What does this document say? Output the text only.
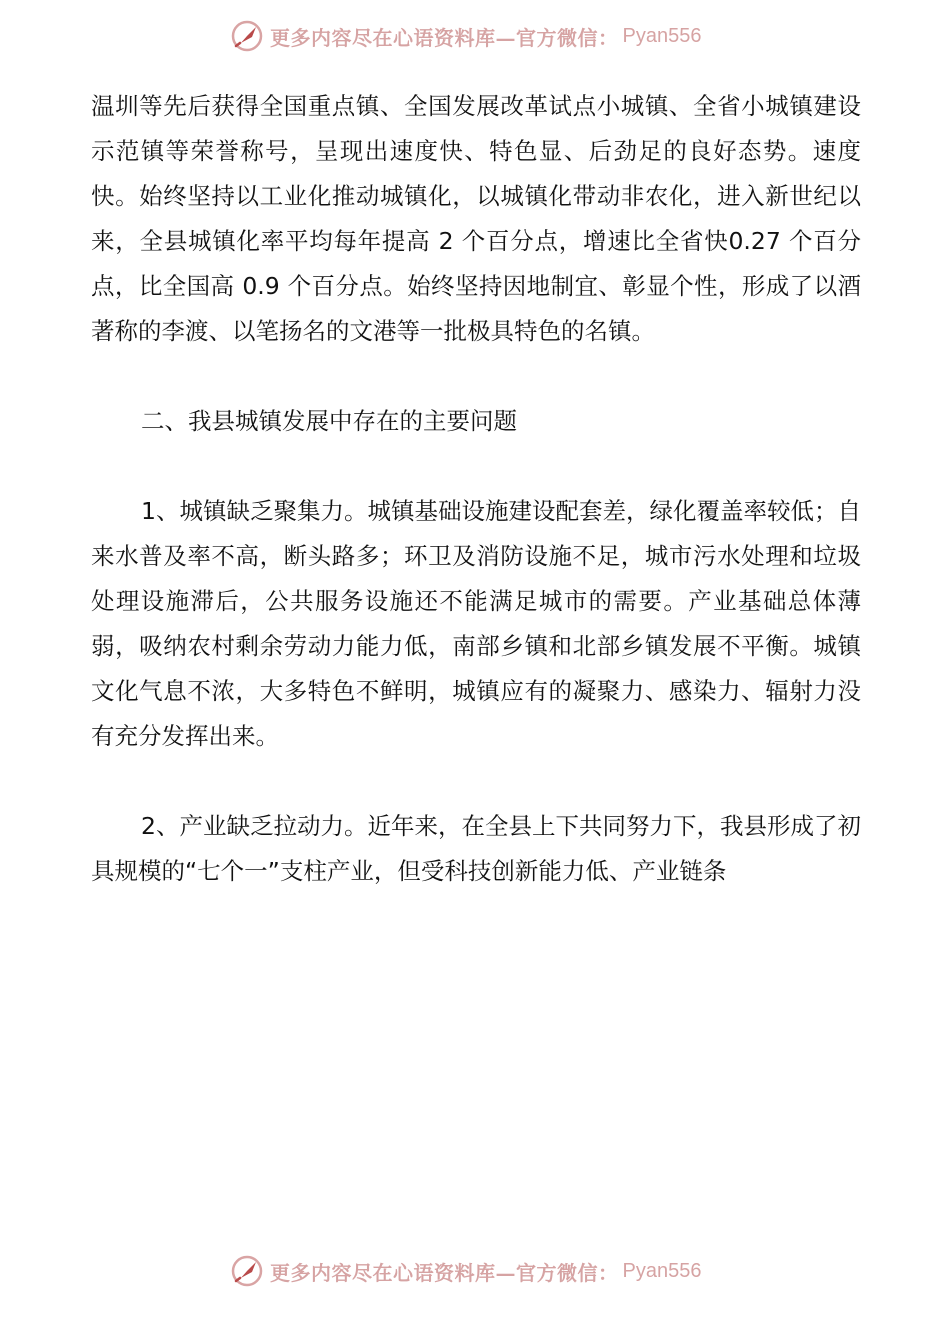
更多内容尽在心语资料库—官方微信： Pyan556

温圳等先后获得全国重点镇、全国发展改革试点小城镇、全省小城镇建设示范镇等荣誉称号，呈现出速度快、特色显、后劲足的良好态势。速度快。始终坚持以工业化推动城镇化，以城镇化带动非农化，进入新世纪以来，全县城镇化率平均每年提高 2 个百分点，增速比全省快0.27 个百分点，比全国高 0.9 个百分点。始终坚持因地制宜、彰显个性，形成了以酒著称的李渡、以笔扬名的文港等一批极具特色的名镇。

二、我县城镇发展中存在的主要问题

1、城镇缺乏聚集力。城镇基础设施建设配套差，绿化覆盖率较低；自来水普及率不高，断头路多；环卫及消防设施不足，城市污水处理和垃圾处理设施滞后，公共服务设施还不能满足城市的需要。产业基础总体薄弱，吸纳农村剩余劳动力能力低，南部乡镇和北部乡镇发展不平衡。城镇文化气息不浓，大多特色不鲜明，城镇应有的凝聚力、感染力、辐射力没有充分发挥出来。

2、产业缺乏拉动力。近年来，在全县上下共同努力下，我县形成了初具规模的“七个一”支柱产业，但受科技创新能力低、产业链条

更多内容尽在心语资料库—官方微信： Pyan556
